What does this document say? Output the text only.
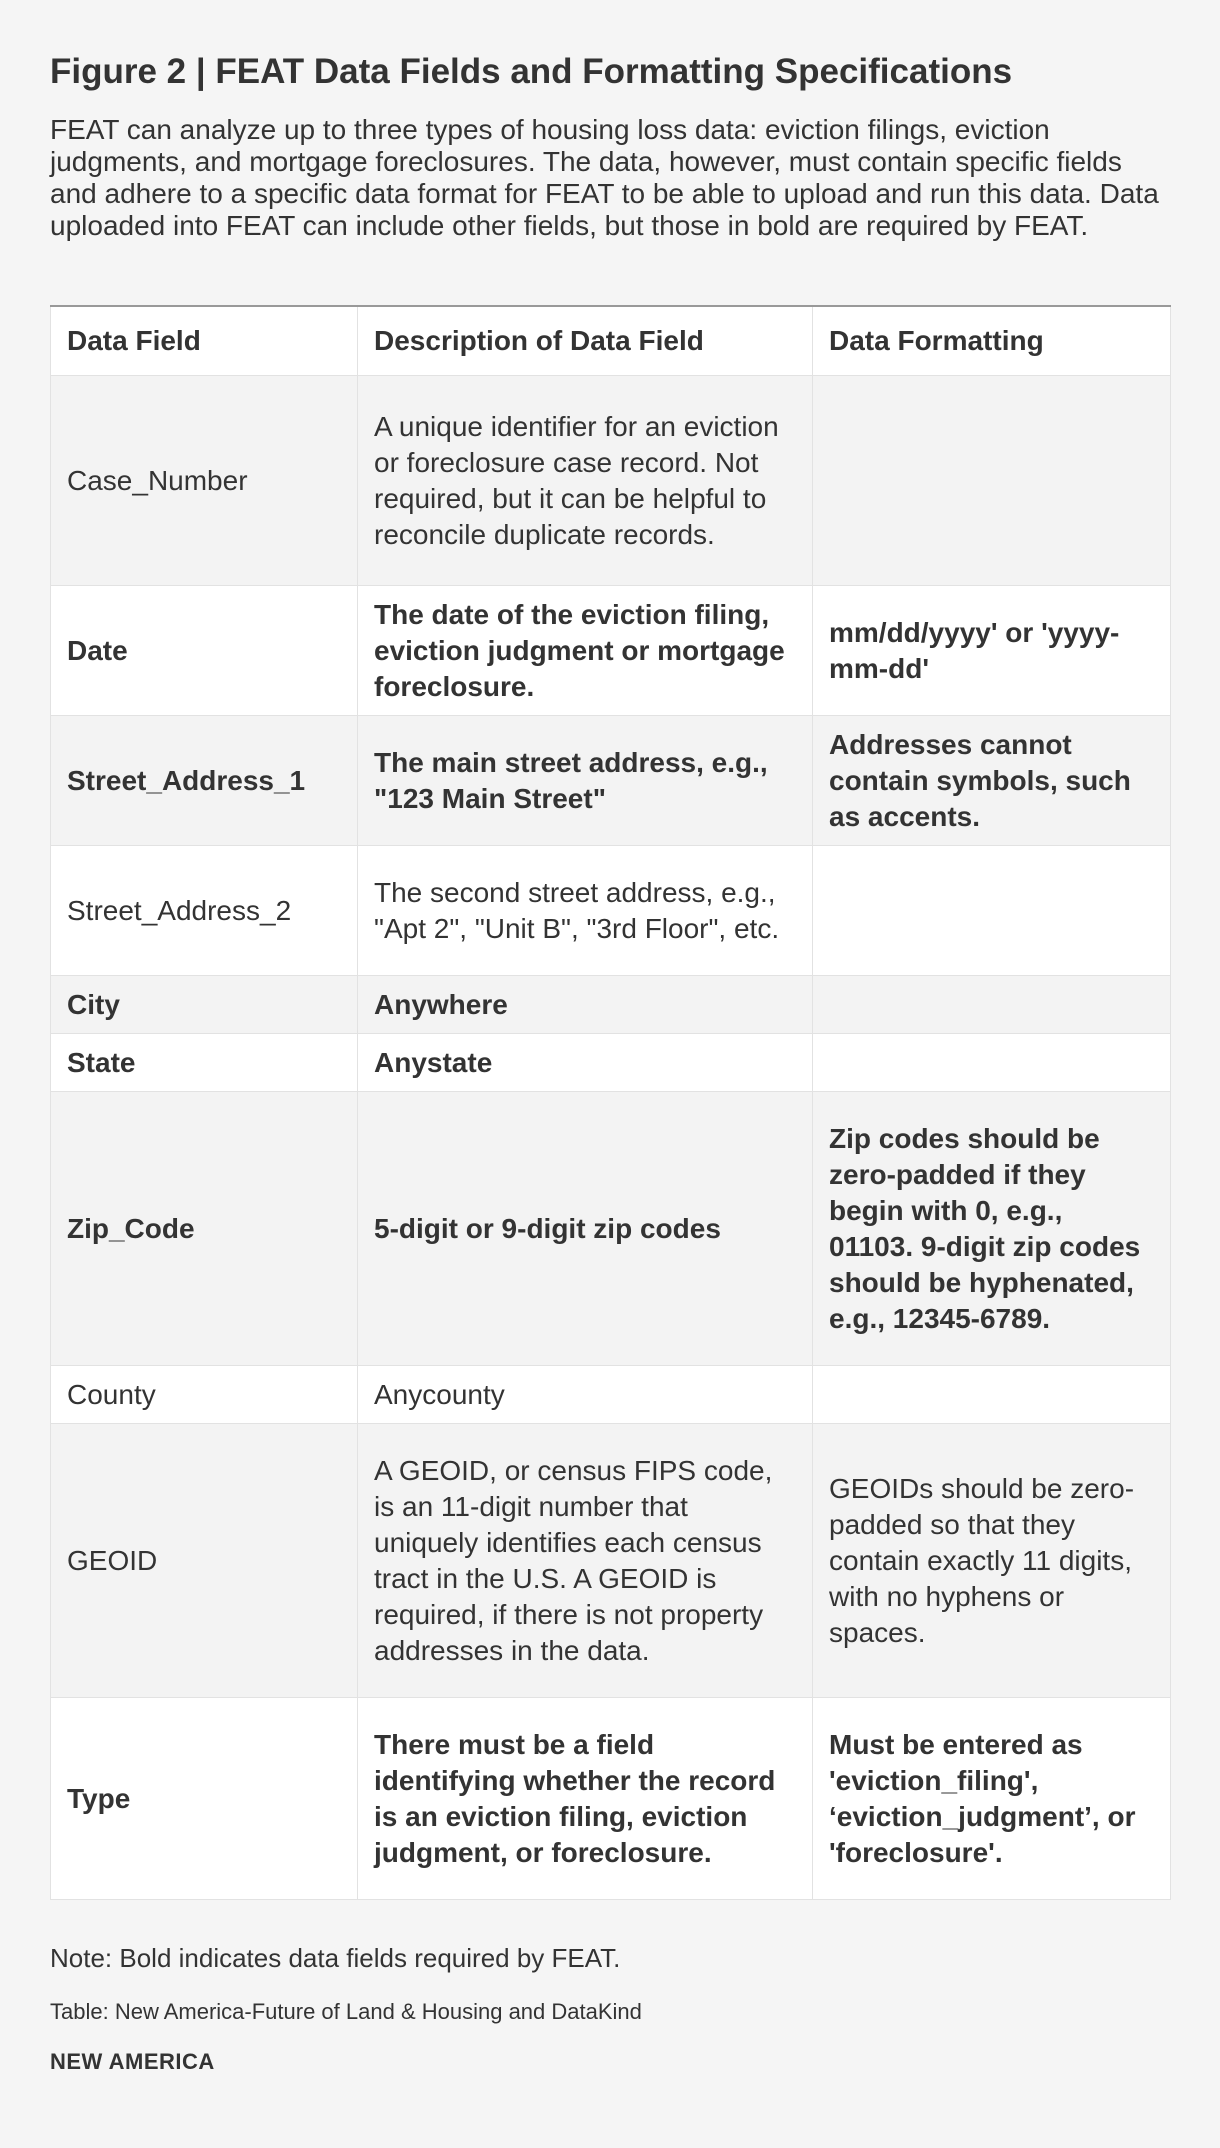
Figure 2 | FEAT Data Fields and Formatting Specifications

FEAT can analyze up to three types of housing loss data: eviction filings, eviction judgments, and mortgage foreclosures. The data, however, must contain specific fields and adhere to a specific data format for FEAT to be able to upload and run this data. Data uploaded into FEAT can include other fields, but those in bold are required by FEAT.

Data Field	Description of Data Field	Data Formatting
Case_Number	A unique identifier for an eviction or foreclosure case record. Not required, but it can be helpful to reconcile duplicate records.	
Date	The date of the eviction filing, eviction judgment or mortgage foreclosure.	mm/dd/yyyy' or 'yyyy-mm-dd'
Street_Address_1	The main street address, e.g., "123 Main Street"	Addresses cannot contain symbols, such as accents.
Street_Address_2	The second street address, e.g., "Apt 2", "Unit B", "3rd Floor", etc.	
City	Anywhere	
State	Anystate	
Zip_Code	5-digit or 9-digit zip codes	Zip codes should be zero-padded if they begin with 0, e.g., 01103. 9-digit zip codes should be hyphenated, e.g., 12345-6789.
County	Anycounty	
GEOID	A GEOID, or census FIPS code, is an 11-digit number that uniquely identifies each census tract in the U.S. A GEOID is required, if there is not property addresses in the data.	GEOIDs should be zero-padded so that they contain exactly 11 digits, with no hyphens or spaces.
Type	There must be a field identifying whether the record is an eviction filing, eviction judgment, or foreclosure.	Must be entered as 'eviction_filing', ‘eviction_judgment’, or 'foreclosure'.

Note: Bold indicates data fields required by FEAT.

Table: New America-Future of Land & Housing and DataKind

NEW AMERICA
